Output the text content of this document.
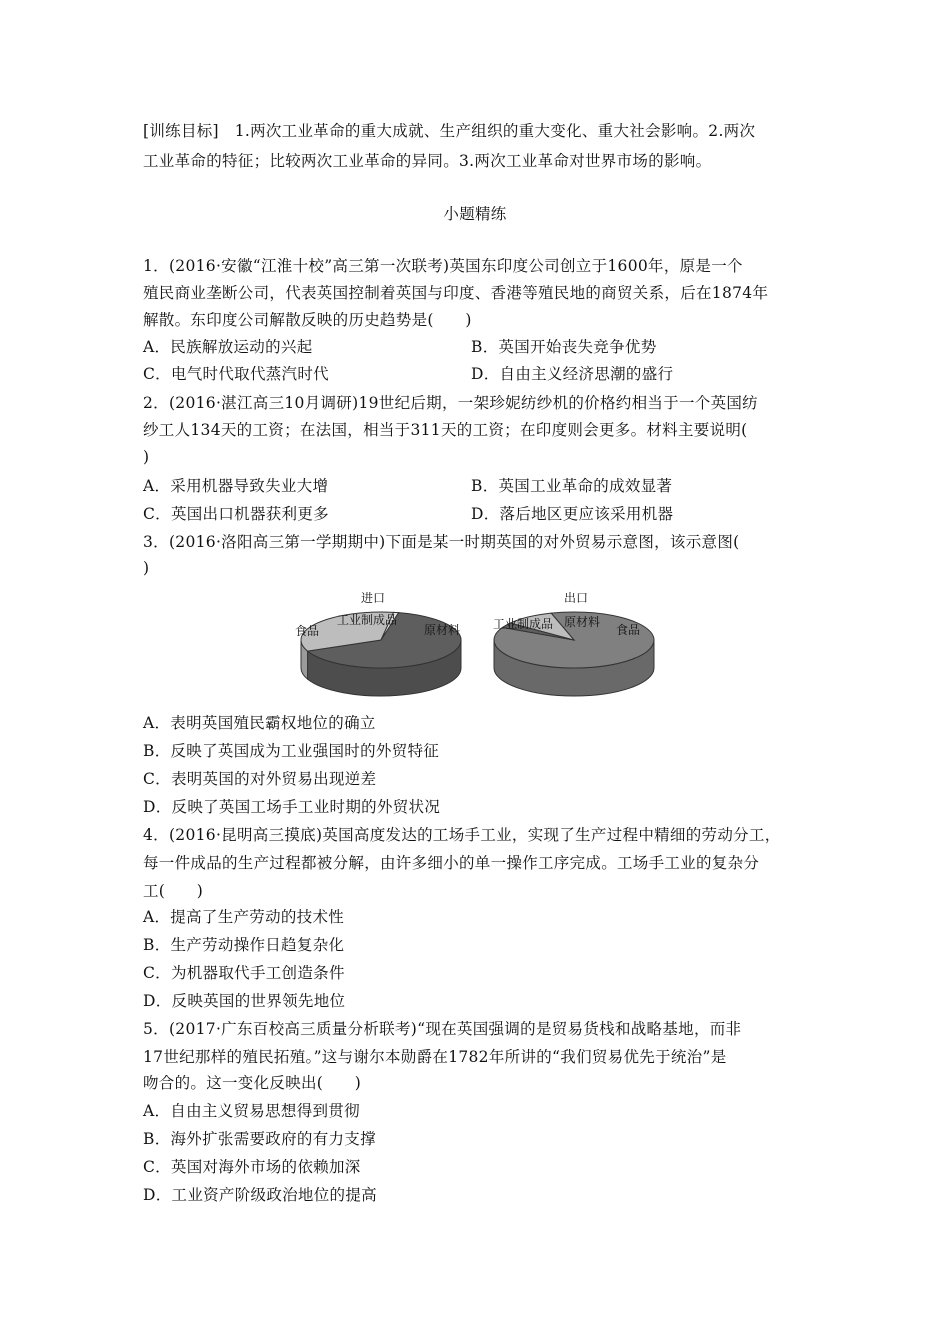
[训练目标]　1.两次工业革命的重大成就、生产组织的重大变化、重大社会影响。2.两次
工业革命的特征；比较两次工业革命的异同。3.两次工业革命对世界市场的影响。
小题精练
1．(2016·安徽“江淮十校”高三第一次联考)英国东印度公司创立于1600年，原是一个
殖民商业垄断公司，代表英国控制着英国与印度、香港等殖民地的商贸关系，后在1874年
解散。东印度公司解散反映的历史趋势是(　　)
A．民族解放运动的兴起	B．英国开始丧失竞争优势
C．电气时代取代蒸汽时代	D．自由主义经济思潮的盛行
2．(2016·湛江高三10月调研)19世纪后期，一架珍妮纺纱机的价格约相当于一个英国纺
纱工人134天的工资；在法国，相当于311天的工资；在印度则会更多。材料主要说明(
)
A．采用机器导致失业大增	B．英国工业革命的成效显著
C．英国出口机器获利更多	D．落后地区更应该采用机器
3．(2016·洛阳高三第一学期期中)下面是某一时期英国的对外贸易示意图，该示意图(
)
进口
原材料
食品
工业制成品
出口
工业制成品 原材料
食品
A．表明英国殖民霸权地位的确立
B．反映了英国成为工业强国时的外贸特征
C．表明英国的对外贸易出现逆差
D．反映了英国工场手工业时期的外贸状况
4．(2016·昆明高三摸底)英国高度发达的工场手工业，实现了生产过程中精细的劳动分工，
每一件成品的生产过程都被分解，由许多细小的单一操作工序完成。工场手工业的复杂分
工(　　)
A．提高了生产劳动的技术性
B．生产劳动操作日趋复杂化
C．为机器取代手工创造条件
D．反映英国的世界领先地位
5．(2017·广东百校高三质量分析联考)“现在英国强调的是贸易货栈和战略基地，而非
17世纪那样的殖民拓殖。”这与谢尔本勋爵在1782年所讲的“我们贸易优先于统治”是
吻合的。这一变化反映出(　　)
A．自由主义贸易思想得到贯彻
B．海外扩张需要政府的有力支撑
C．英国对海外市场的依赖加深
D．工业资产阶级政治地位的提高
